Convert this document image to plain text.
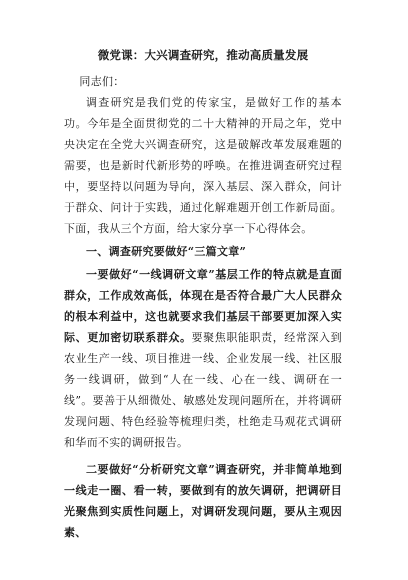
微党课：大兴调查研究，推动高质量发展

同志们：

调查研究是我们党的传家宝，是做好工作的基本功。今年是全面贯彻党的二十大精神的开局之年，党中央决定在全党大兴调查研究，这是破解改革发展难题的需要，也是新时代新形势的呼唤。在推进调查研究过程中，要坚持以问题为导向，深入基层、深入群众，问计于群众、问计于实践，通过化解难题开创工作新局面。下面，我从三个方面，给大家分享一下心得体会。

一、调查研究要做好“三篇文章”

一要做好“一线调研文章”基层工作的特点就是直面群众，工作成效高低，体现在是否符合最广大人民群众的根本利益中，这也就要求我们基层干部要更加深入实际、更加密切联系群众。要聚焦职能职责，经常深入到农业生产一线、项目推进一线、企业发展一线、社区服务一线调研，做到“人在一线、心在一线、调研在一线”。要善于从细微处、敏感处发现问题所在，并将调研发现问题、特色经验等梳理归类，杜绝走马观花式调研和华而不实的调研报告。

二要做好“分析研究文章”调查研究，并非简单地到一线走一圈、看一转，要做到有的放矢调研，把调研目光聚焦到实质性问题上，对调研发现问题，要从主观因素、
